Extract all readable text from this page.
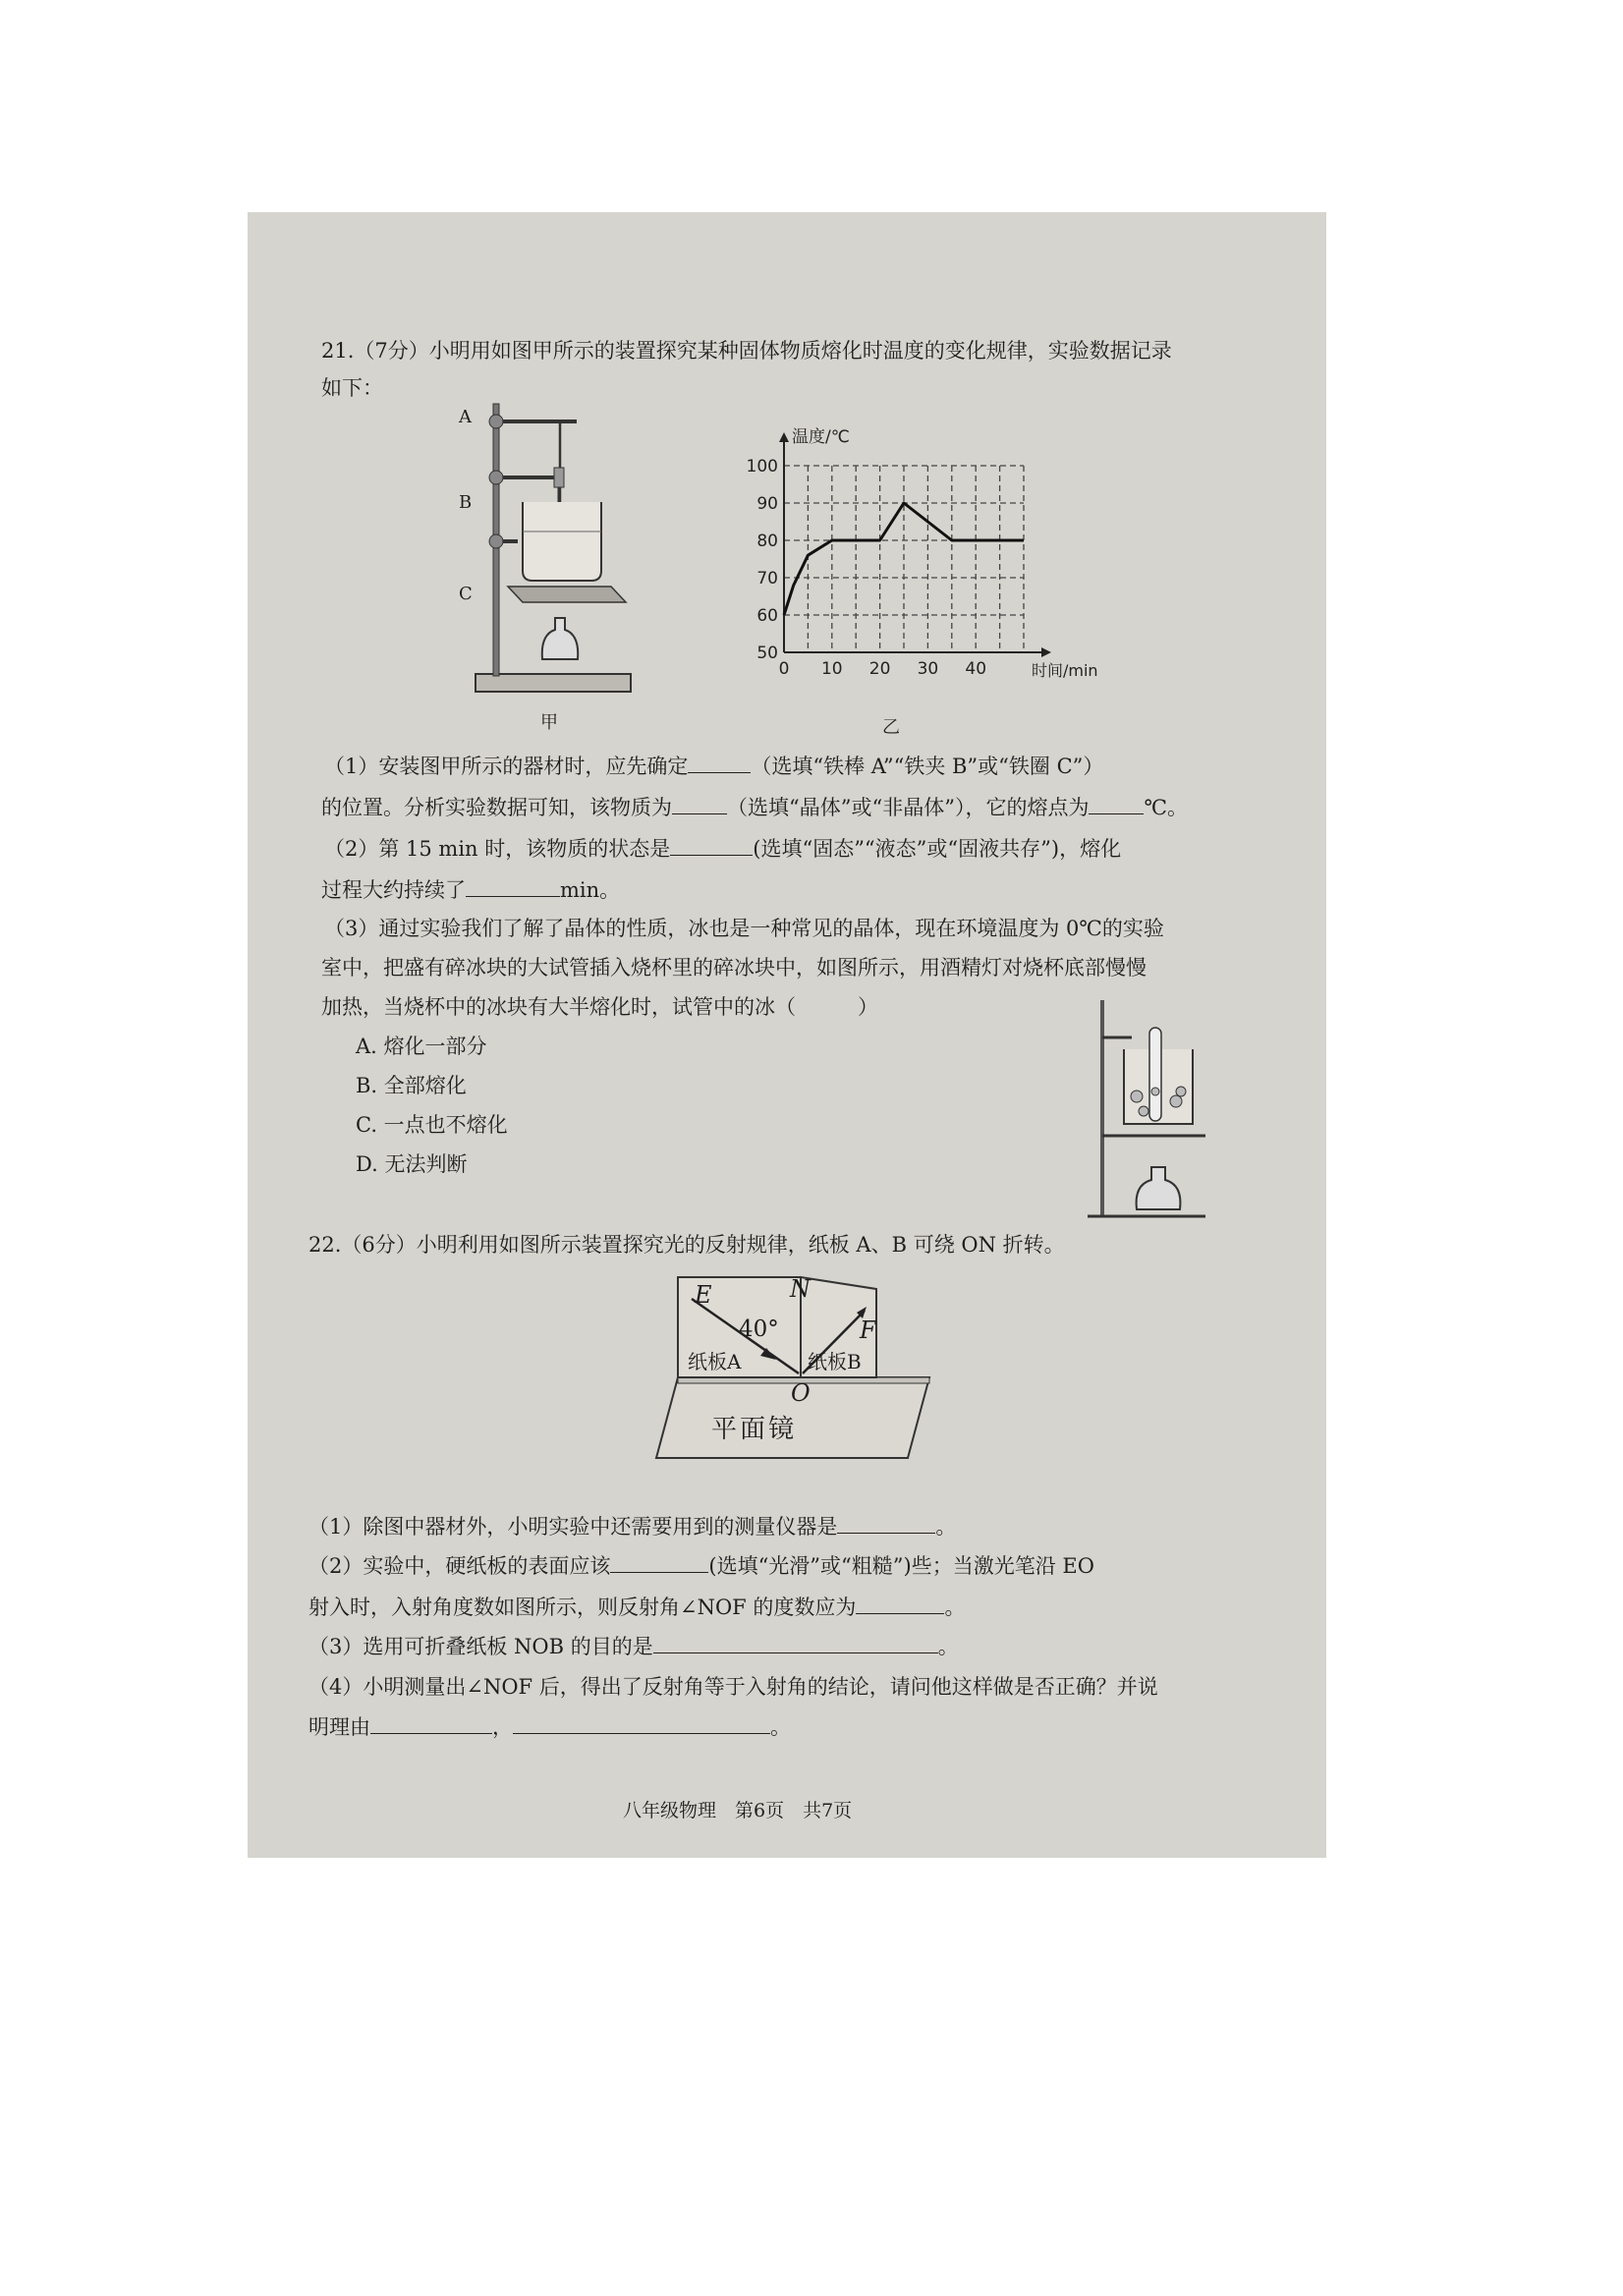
21.（7分）小明用如图甲所示的装置探究某种固体物质熔化时温度的变化规律，实验数据记录
如下：
A
B
C
甲
温度/℃
时间/min
50
60
70
80
90
100
0 10 20 30 40
乙
（1）安装图甲所示的器材时，应先确定	（选填“铁棒 A”“铁夹 B”或“铁圈 C”）
的位置。分析实验数据可知，该物质为	（选填“晶体”或“非晶体”），它的熔点为	℃。
（2）第 15 min 时，该物质的状态是	(选填“固态”“液态”或“固液共存”)，熔化
过程大约持续了	min。
（3）通过实验我们了解了晶体的性质，冰也是一种常见的晶体，现在环境温度为 0℃的实验
室中，把盛有碎冰块的大试管插入烧杯里的碎冰块中，如图所示，用酒精灯对烧杯底部慢慢
加热，当烧杯中的冰块有大半熔化时，试管中的冰（　　　）
A. 熔化一部分
B. 全部熔化
C. 一点也不熔化
D. 无法判断
22.（6分）小明利用如图所示装置探究光的反射规律，纸板 A、B 可绕 ON 折转。
E	N
F
40°
纸板A	纸板B
O
平面镜
（1）除图中器材外，小明实验中还需要用到的测量仪器是	。
（2）实验中，硬纸板的表面应该	(选填“光滑”或“粗糙”)些；当激光笔沿 EO
射入时，入射角度数如图所示，则反射角∠NOF 的度数应为	。
（3）选用可折叠纸板 NOB 的目的是	。
（4）小明测量出∠NOF 后，得出了反射角等于入射角的结论，请问他这样做是否正确？并说
明理由	，	。
八年级物理　第6页　共7页
